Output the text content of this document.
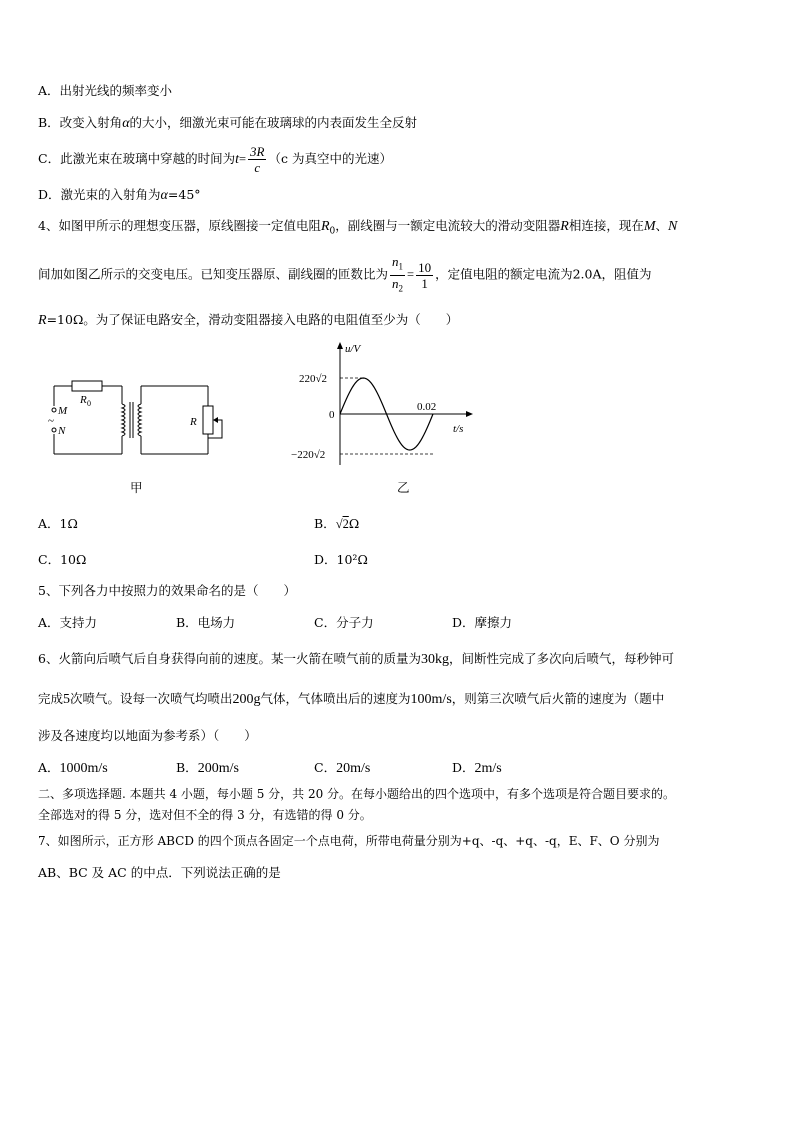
A．出射光线的频率变小
B．改变入射角α的大小，细激光束可能在玻璃球的内表面发生全反射
C．此激光束在玻璃中穿越的时间为$t= \frac{3R}{c} (c$ 为真空中的光速）
D．激光束的入射角为α=45°
4、如图甲所示的理想变压器，原线圈接一定值电阻$R_0$，副线圈与一额定电流较大的滑动变阻器R相连接，现在M、N
间加如图乙所示的交变电压。已知变压器原、副线圈的匝数比为 $\frac{n_1}{n_2} = \frac{10}{1}$ ，定值电阻的额定电流为2.0A，阻值为
R=10Ω。为了保证电路安全，滑动变阻器接入电路的电阻值至少为（　　）
R 0
M
~
N
R
甲
u/V
t/s
220√2
−220√2
0
0.02
乙
A．1Ω	B．√2Ω
C．10Ω	D．10²Ω
5、下列各力中按照力的效果命名的是（　　）
A．支持力	B．电场力	C．分子力	D．摩擦力
6、火箭向后喷气后自身获得向前的速度。某一火箭在喷气前的质量为30kg，间断性完成了多次向后喷气，每秒钟可
完成5次喷气。设每一次喷气均喷出200g气体，气体喷出后的速度为100m/s，则第三次喷气后火箭的速度为（题中
涉及各速度均以地面为参考系）（　　）
A．1000m/s	B．200m/s	C．20m/s	D．2m/s
二、多项选择题. 本题共 4 小题，每小题 5 分，共 20 分。在每小题给出的四个选项中，有多个选项是符合题目要求的。
全部选对的得 5 分，选对但不全的得 3 分，有选错的得 0 分。
7、如图所示，正方形 ABCD 的四个顶点各固定一个点电荷，所带电荷量分别为+q、-q、+q、-q，E、F、O 分别为
AB、BC 及 AC 的中点．下列说法正确的是
